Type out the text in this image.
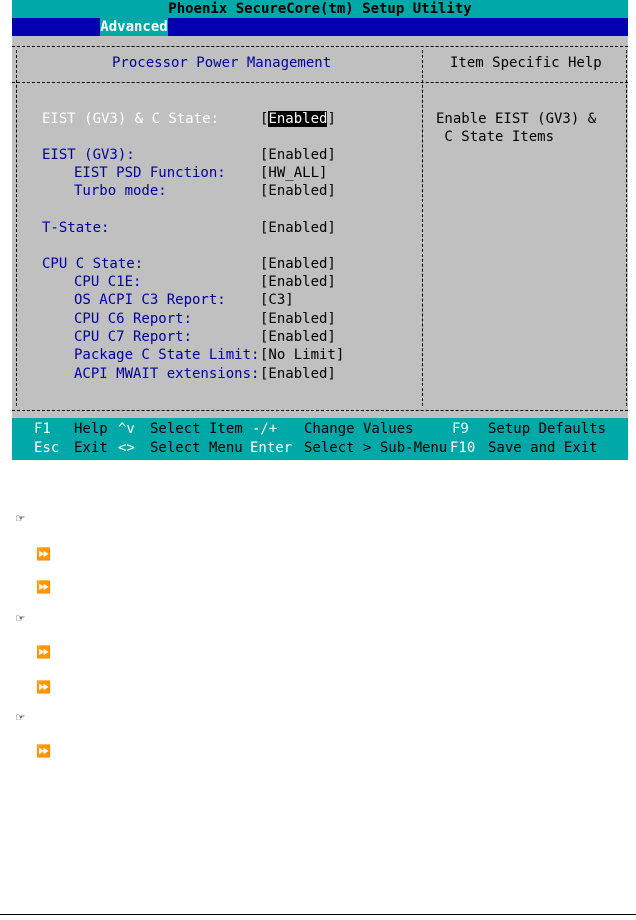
Phoenix SecureCore(tm) Setup Utility
Advanced
Processor Power Management	Item Specific Help
EIST (GV3) & C State:	[Enabled]
EIST (GV3):	[Enabled]
EIST PSD Function: [HW_ALL]
Turbo mode:	[Enabled]
T-State:	[Enabled]
CPU C State:	[Enabled]
CPU C1E:	[Enabled]
OS ACPI C3 Report: [C3]
CPU C6 Report:	[Enabled]
CPU C7 Report:	[Enabled]
Package C State Limit: [No Limit]
ACPI MWAIT extensions: [Enabled]
Enable EIST (GV3) &
C State Items
F1 Help ^v Select Item -/+ Change Values	F9 Setup Defaults
Esc Exit <> Select Menu Enter Select > Sub-Menu F10 Save and Exit
☞
⏩
⏩
☞
⏩
⏩
☞
⏩
